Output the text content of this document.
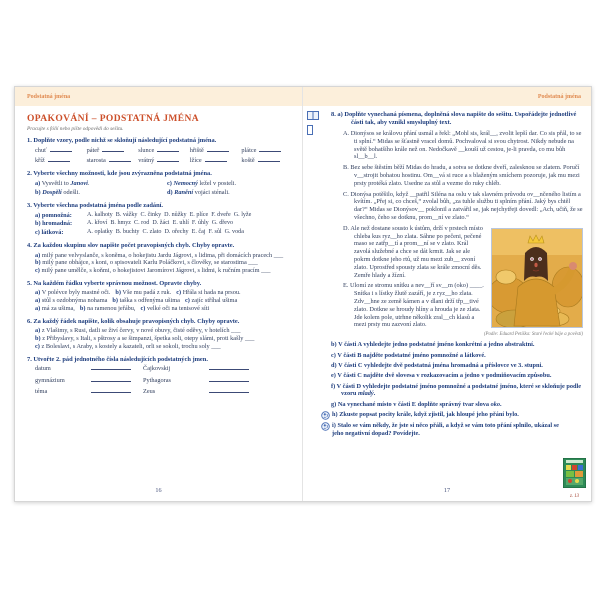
Podstatná jména
OPAKOVÁNÍ – PODSTATNÁ JMÉNA
Pracujte s fólií nebo pište odpovědi do sešitu.
1. Doplňte vzory, podle nichž se skloňují následující podstatná jména.
chuť	páteř	slunce	hřiště	plátce
kříž	starosta	vrátný	lžíce	koště
2. Vyberte všechny možnosti, kde jsou zvýrazněna podstatná jména.
a) Vysvětli to Janovi.	c) Nemocný ležel v posteli.
b) Dospělí odešli.	d) Ranění vojáci sténali.
3. Vyberte všechna podstatná jména podle zadání.
a) pomnožná:	A. kalhoty  B. vážky  C. činky  D. nůžky  E. plíce  F. dveře  G. lyže
b) hromadná:	A. křoví  B. hmyz  C. rod  D. žáci  E. uhlí  F. úhly  G. dřevo
c) látková:	A. oplatky  B. buchty  C. zlato  D. ořechy  E. čaj  F. sůl  G. voda
4. Za každou skupinu slov napište počet pravopisných chyb. Chyby opravte.
a) milý pane velvyslanče, s koněma, o hokejistu Jardu Jágrovi, s lidima, při domácích pracech ___
b) milý pane obhájce, s koni, o spisovateli Karlu Poláčkovi, s člověky, se starostima ___
c) milý pane umělče, s koňmi, o hokejistovi Jaromírovi Jágrovi, s lidmi, k ručním pracím ___
5. Na každém řádku vyberte správnou možnost. Opravte chyby.
a) V polévce byly mastné oči. b) Vše mu padá z ruk. c) Hřála si hada na prsou.
a) stůl s ozdobnýma nohama b) taška s odřenýma ušima c) zajíc stříhal ušima
a) má za ušima, b) na ramenou jeřábu, c) velké oči na tenisové síti
6. Za každý řádek napište, kolik obsahuje pravopisných chyb. Chyby opravte.
a) z Vlašimy, s Rusi, datli se živí červy, v nové obuvy, čisté oděvy, v hotelích ___
b) z Přibyslavy, s Itali, s pštrosy a se šimpanzi, špetka soli, otepy slámi, proti kašly ___
c) z Boleslavi, s Araby, s kostely a kazateli, orli se sokoli, trochu soly ___
7. Utvořte 2. pád jednotného čísla následujících podstatných jmen.
datum	Čajkovskij
gymnázium	Pythagoras
téma	Zeus
16
Podstatná jména
8. a) Doplňte vynechaná písmena, doplněná slova napište do sešitu. Uspořádejte jednotlivé části tak, aby vznikl smysluplný text.

A. Dionýsos se královu přání usmál a řekl: „Mohl sis, král__, zvolit lepší dar. Co sis přál, to se ti splní.“ Midas se šťastně vracel domů. Pochvaloval si svou chytrost. Nikdy nebude na světě bohatšího krále než on. Nedočkavě __kouší už cestou, je-li pravda, co mu bůh sl__b__l.

B. Bez sebe štěstím běží Midas do hradu, a sotva se dotkne dveří, zalesknou se zlatem. Poručí v__strojit bohatou hostinu. Om__vá si ruce a s blaženým smíchem pozoruje, jak mu mezi prsty protéká zlato. Usedne za stůl a vezme do ruky chléb.

C. Dionýsa potěšilo, když __patřil Siléna na oslu v tak slavném průvodu ov__nčeného listím a kvítím. „Přej si, co chceš,“ zvolal bůh, „za tuhle službu ti splním přání. Jaký bys chtěl dar?“ Midas se Dionýsov__ poklonil a zatvářil se, jak nejchytřeji dovedl: „Ach, učiň, že se všechno, čeho se dotknu, prom__ní ve zlato.“

D. Ale než dostane sousto k ústům, drží v prstech místo chleba kus ryz__ho zlata. Sáhne po pečeni, pečené maso se zatřp__tí a prom__ní se v zlato. Král zavolá služebné a chce se dát krmit. Jak se ale pokrm dotkne jeho rtů, už mu mezi zub__ zvoní zlato. Uprostřed spousty zlata se krále zmocní děs. Zemře hlady a žízní.

E. Ulomí ze stromu snítku a nev__ří sv__m (oko) ____. Snítka i s lístky žlutě zazáří, je z ryz__ho zlata. Zdv__hne ze země kámen a v dlani drží třp__tivé zlato. Dotkne se hroudy hlíny a hrouda je ze zlata. Jde kolem pole, utrhne několik zral__ch klasů a mezi prsty mu zazvoní zlato.

(Podle: Eduard Petiška: Staré řecké báje a pověsti)
b) V části A vyhledejte jedno podstatné jméno konkrétní a jedno abstraktní.
c) V části B najděte podstatné jméno pomnožné a látkové.
d) V části C vyhledejte dvě podstatná jména hromadná a příslovce ve 3. stupni.
e) V části C najděte dvě slovesa v rozkazovacím a jedno v podmiňovacím způsobu.
f) V části D vyhledejte podstatné jméno pomnožné a podstatné jméno, které se skloňuje podle vzoru mladý.
g) Na vynechané místo v části E doplňte správný tvar slova oko.
h) Zkuste popsat pocity krále, když zjistil, jak hloupé jeho přání bylo.
i) Stalo se vám někdy, že jste si něco přáli, a když se vám toto přání splnilo, ukázal se jeho negativní dopad? Povídejte.
z. 13
17
